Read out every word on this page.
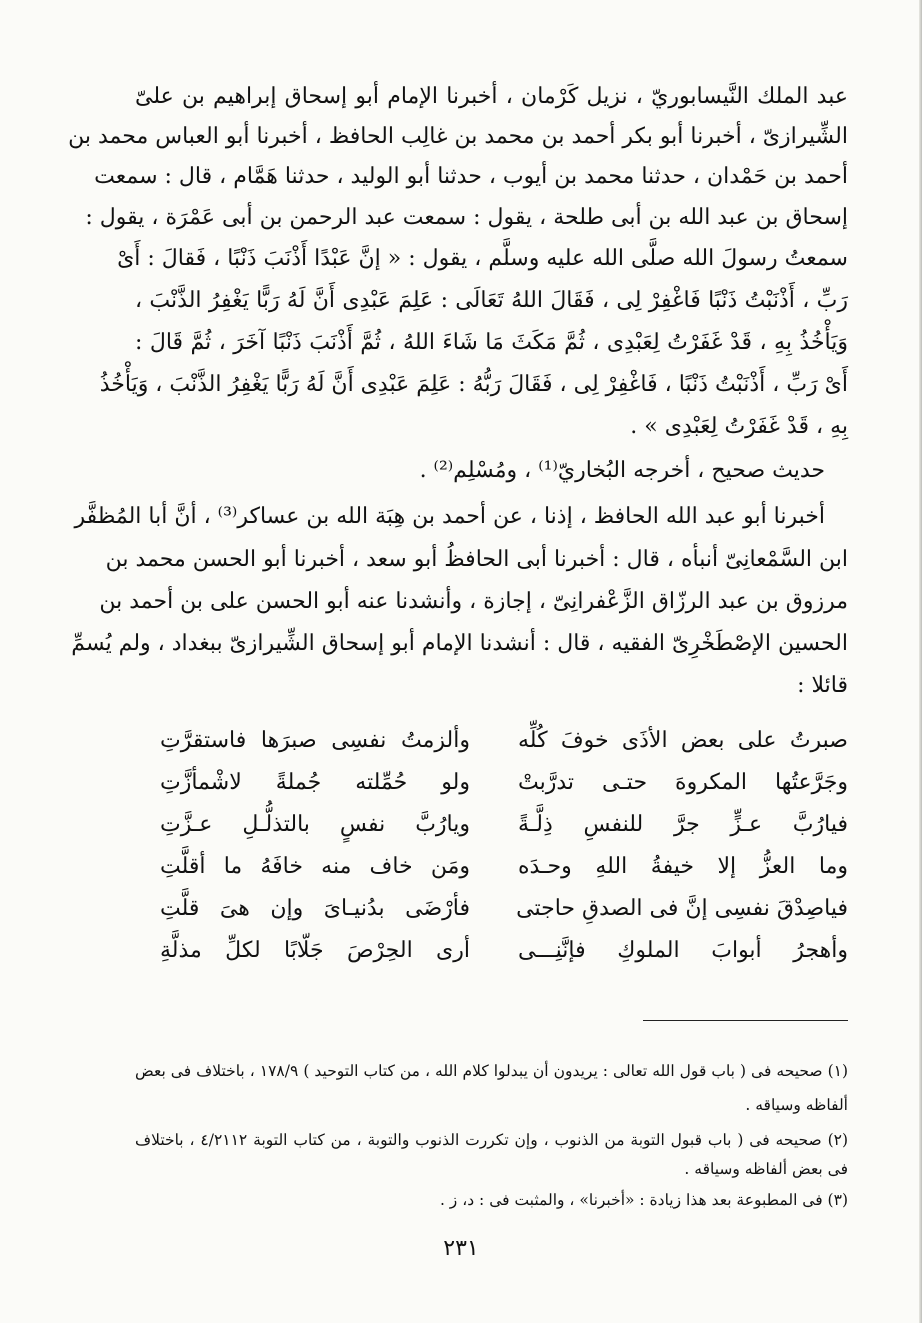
عبد الملك النَّيسابوريّ ، نزيل كَرْمان ، أخبرنا الإمام أبو إسحاق إبراهيم بن علىّ
الشِّيرازىّ ، أخبرنا أبو بكر أحمد بن محمد بن غالِب الحافظ ، أخبرنا أبو العباس محمد بن
أحمد بن حَمْدان ، حدثنا محمد بن أيوب ، حدثنا أبو الوليد ، حدثنا هَمَّام ، قال : سمعت
إسحاق بن عبد الله بن أبى طلحة ، يقول : سمعت عبد الرحمن بن أبى عَمْرَة ، يقول :
سمعتُ رسولَ الله صلَّى الله عليه وسلَّم ، يقول : « إنَّ عَبْدًا أَذْنَبَ ذَنْبًا ، فَقالَ : أَىْ
رَبِّ ، أَذْنَبْتُ ذَنْبًا فَاغْفِرْ لِى ، فَقَالَ اللهُ تَعَالَى : عَلِمَ عَبْدِى أَنَّ لَهُ رَبًّا يَغْفِرُ الذَّنْبَ ،
وَيَأْخُذُ بِهِ ، قَدْ غَفَرْتُ لِعَبْدِى ، ثُمَّ مَكَثَ مَا شَاءَ اللهُ ، ثُمَّ أَذْنَبَ ذَنْبًا آخَرَ ، ثُمَّ قَالَ :
أَىْ رَبِّ ، أَذْنَبْتُ ذَنْبًا ، فَاغْفِرْ لِى ، فَقَالَ رَبُّهُ : عَلِمَ عَبْدِى أَنَّ لَهُ رَبًّا يَغْفِرُ الذَّنْبَ ، وَيَأْخُذُ
بِهِ ، قَدْ غَفَرْتُ لِعَبْدِى » .
حديث صحيح ، أخرجه البُخاريّ⁽¹⁾ ، ومُسْلِم⁽²⁾ .
أخبرنا أبو عبد الله الحافظ ، إذنا ، عن أحمد بن هِبَة الله بن عساكر⁽³⁾ ، أنَّ أبا المُظفَّر
ابن السَّمْعانِىّ أنبأه ، قال : أخبرنا أبى الحافظُ أبو سعد ، أخبرنا أبو الحسن محمد بن
مرزوق بن عبد الرزّاق الزَّعْفرانِىّ ، إجازة ، وأنشدنا عنه أبو الحسن على بن أحمد بن
الحسين الإصْطَخْرِىّ الفقيه ، قال : أنشدنا الإمام أبو إسحاق الشِّيرازىّ ببغداد ، ولم يُسمِّ
قائلا :
صبرتُ على بعض الأذَى خوفَ كُلِّه
وألزمتُ نفسِى صبرَها فاستقرَّتِ
وجَرَّعتُها المكروهَ حتـى تدرَّبتْ
ولو حُمِّلته جُملةً لاشْمأزَّتِ
فيارُبَّ عـزٍّ جرَّ للنفسِ ذِلَّـةً
ويارُبَّ نفسٍ بالتذلُّـلِ عـزَّتِ
وما العزُّ إلا خيفةُ اللهِ وحـدَه
ومَن خاف منه خافَهُ ما أقلَّتِ
فياصِدْقَ نفسِى إنَّ فى الصدقِ حاجتى
فأرْضَى بدُنيـاىَ وإن هىَ قلَّتِ
وأهجرُ أبوابَ الملوكِ فإنَّنِـــى
أرى الحِرْصَ جَلّابًا لكلِّ مذلَّةِ
(١) صحيحه فى ( باب قول الله تعالى : يريدون أن يبدلوا كلام الله ، من كتاب التوحيد ) ١٧٨/٩ ، باختلاف فى بعض
ألفاظه وسياقه .
(٢) صحيحه فى ( باب قبول التوبة من الذنوب ، وإن تكررت الذنوب والتوبة ، من كتاب التوبة ٤/٢١١٢ ، باختلاف
فى بعض ألفاظه وسياقه .
(٣) فى المطبوعة بعد هذا زيادة : «أخبرنا» ، والمثبت فى : د، ز .
٢٣١
